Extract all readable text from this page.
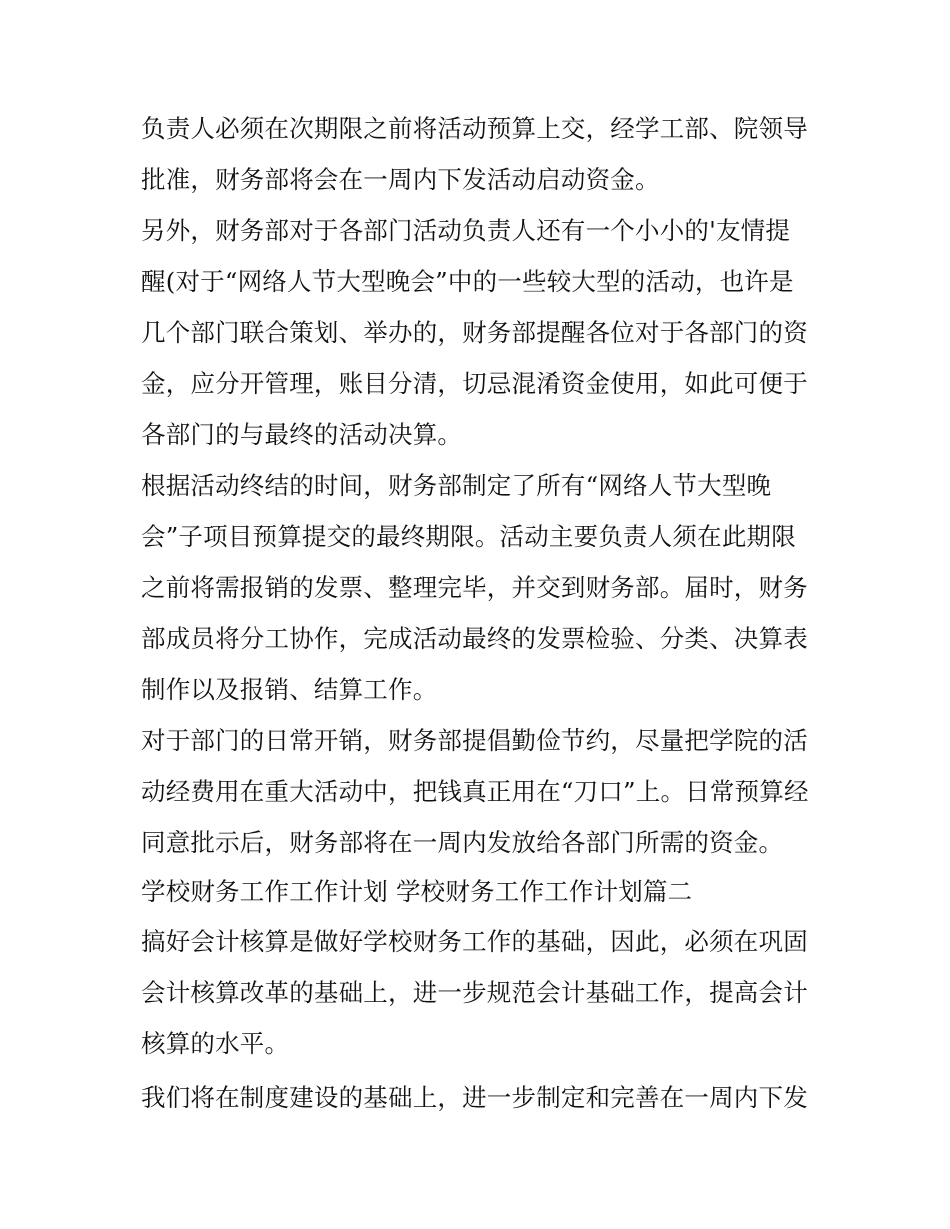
负责人必须在次期限之前将活动预算上交，经学工部、院领导
批准，财务部将会在一周内下发活动启动资金。
另外，财务部对于各部门活动负责人还有一个小小的'友情提
醒(对于“网络人节大型晚会”中的一些较大型的活动，也许是
几个部门联合策划、举办的，财务部提醒各位对于各部门的资
金，应分开管理，账目分清，切忌混淆资金使用，如此可便于
各部门的与最终的活动决算。
根据活动终结的时间，财务部制定了所有“网络人节大型晚
会”子项目预算提交的最终期限。活动主要负责人须在此期限
之前将需报销的发票、整理完毕，并交到财务部。届时，财务
部成员将分工协作，完成活动最终的发票检验、分类、决算表
制作以及报销、结算工作。
对于部门的日常开销，财务部提倡勤俭节约，尽量把学院的活
动经费用在重大活动中，把钱真正用在“刀口”上。日常预算经
同意批示后，财务部将在一周内发放给各部门所需的资金。
学校财务工作工作计划 学校财务工作工作计划篇二
搞好会计核算是做好学校财务工作的基础，因此，必须在巩固
会计核算改革的基础上，进一步规范会计基础工作，提高会计
核算的水平。
我们将在制度建设的基础上，进一步制定和完善在一周内下发
